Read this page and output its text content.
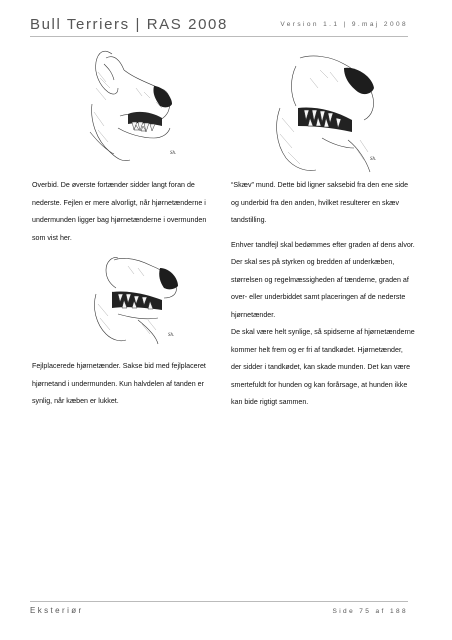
Bull Terriers | RAS 2008	Version 1.1 | 9.maj 2008
Sh.
Sh.
Sh.

Overbid. De øverste fortænder sidder langt foran de nederste. Fejlen er mere alvorligt, når hjørnetænderne i undermunden ligger bag hjørnetænderne i overmunden som vist her.

Fejlplacerede hjørnetænder. Sakse bid med fejlplaceret hjørnetand i undermunden. Kun halvdelen af tanden er synlig, når kæben er lukket.

“Skæv” mund. Dette bid ligner saksebid fra den ene side og underbid fra den anden, hvilket resulterer en skæv tandstilling.

Enhver tandfejl skal bedømmes efter graden af dens alvor. Der skal ses på styrken og bredden af underkæben, størrelsen og regelmæssigheden af tænderne, graden af over- eller underbiddet samt placeringen af de nederste hjørnetænder.

De skal være helt synlige, så spidserne af hjørnetænderne kommer helt frem og er fri af tandkødet. Hjørnetænder, der sidder i tandkødet, kan skade munden. Det kan være smertefuldt for hunden og kan forårsage, at hunden ikke kan bide rigtigt sammen.

Eksteriør	Side 75 af 188
